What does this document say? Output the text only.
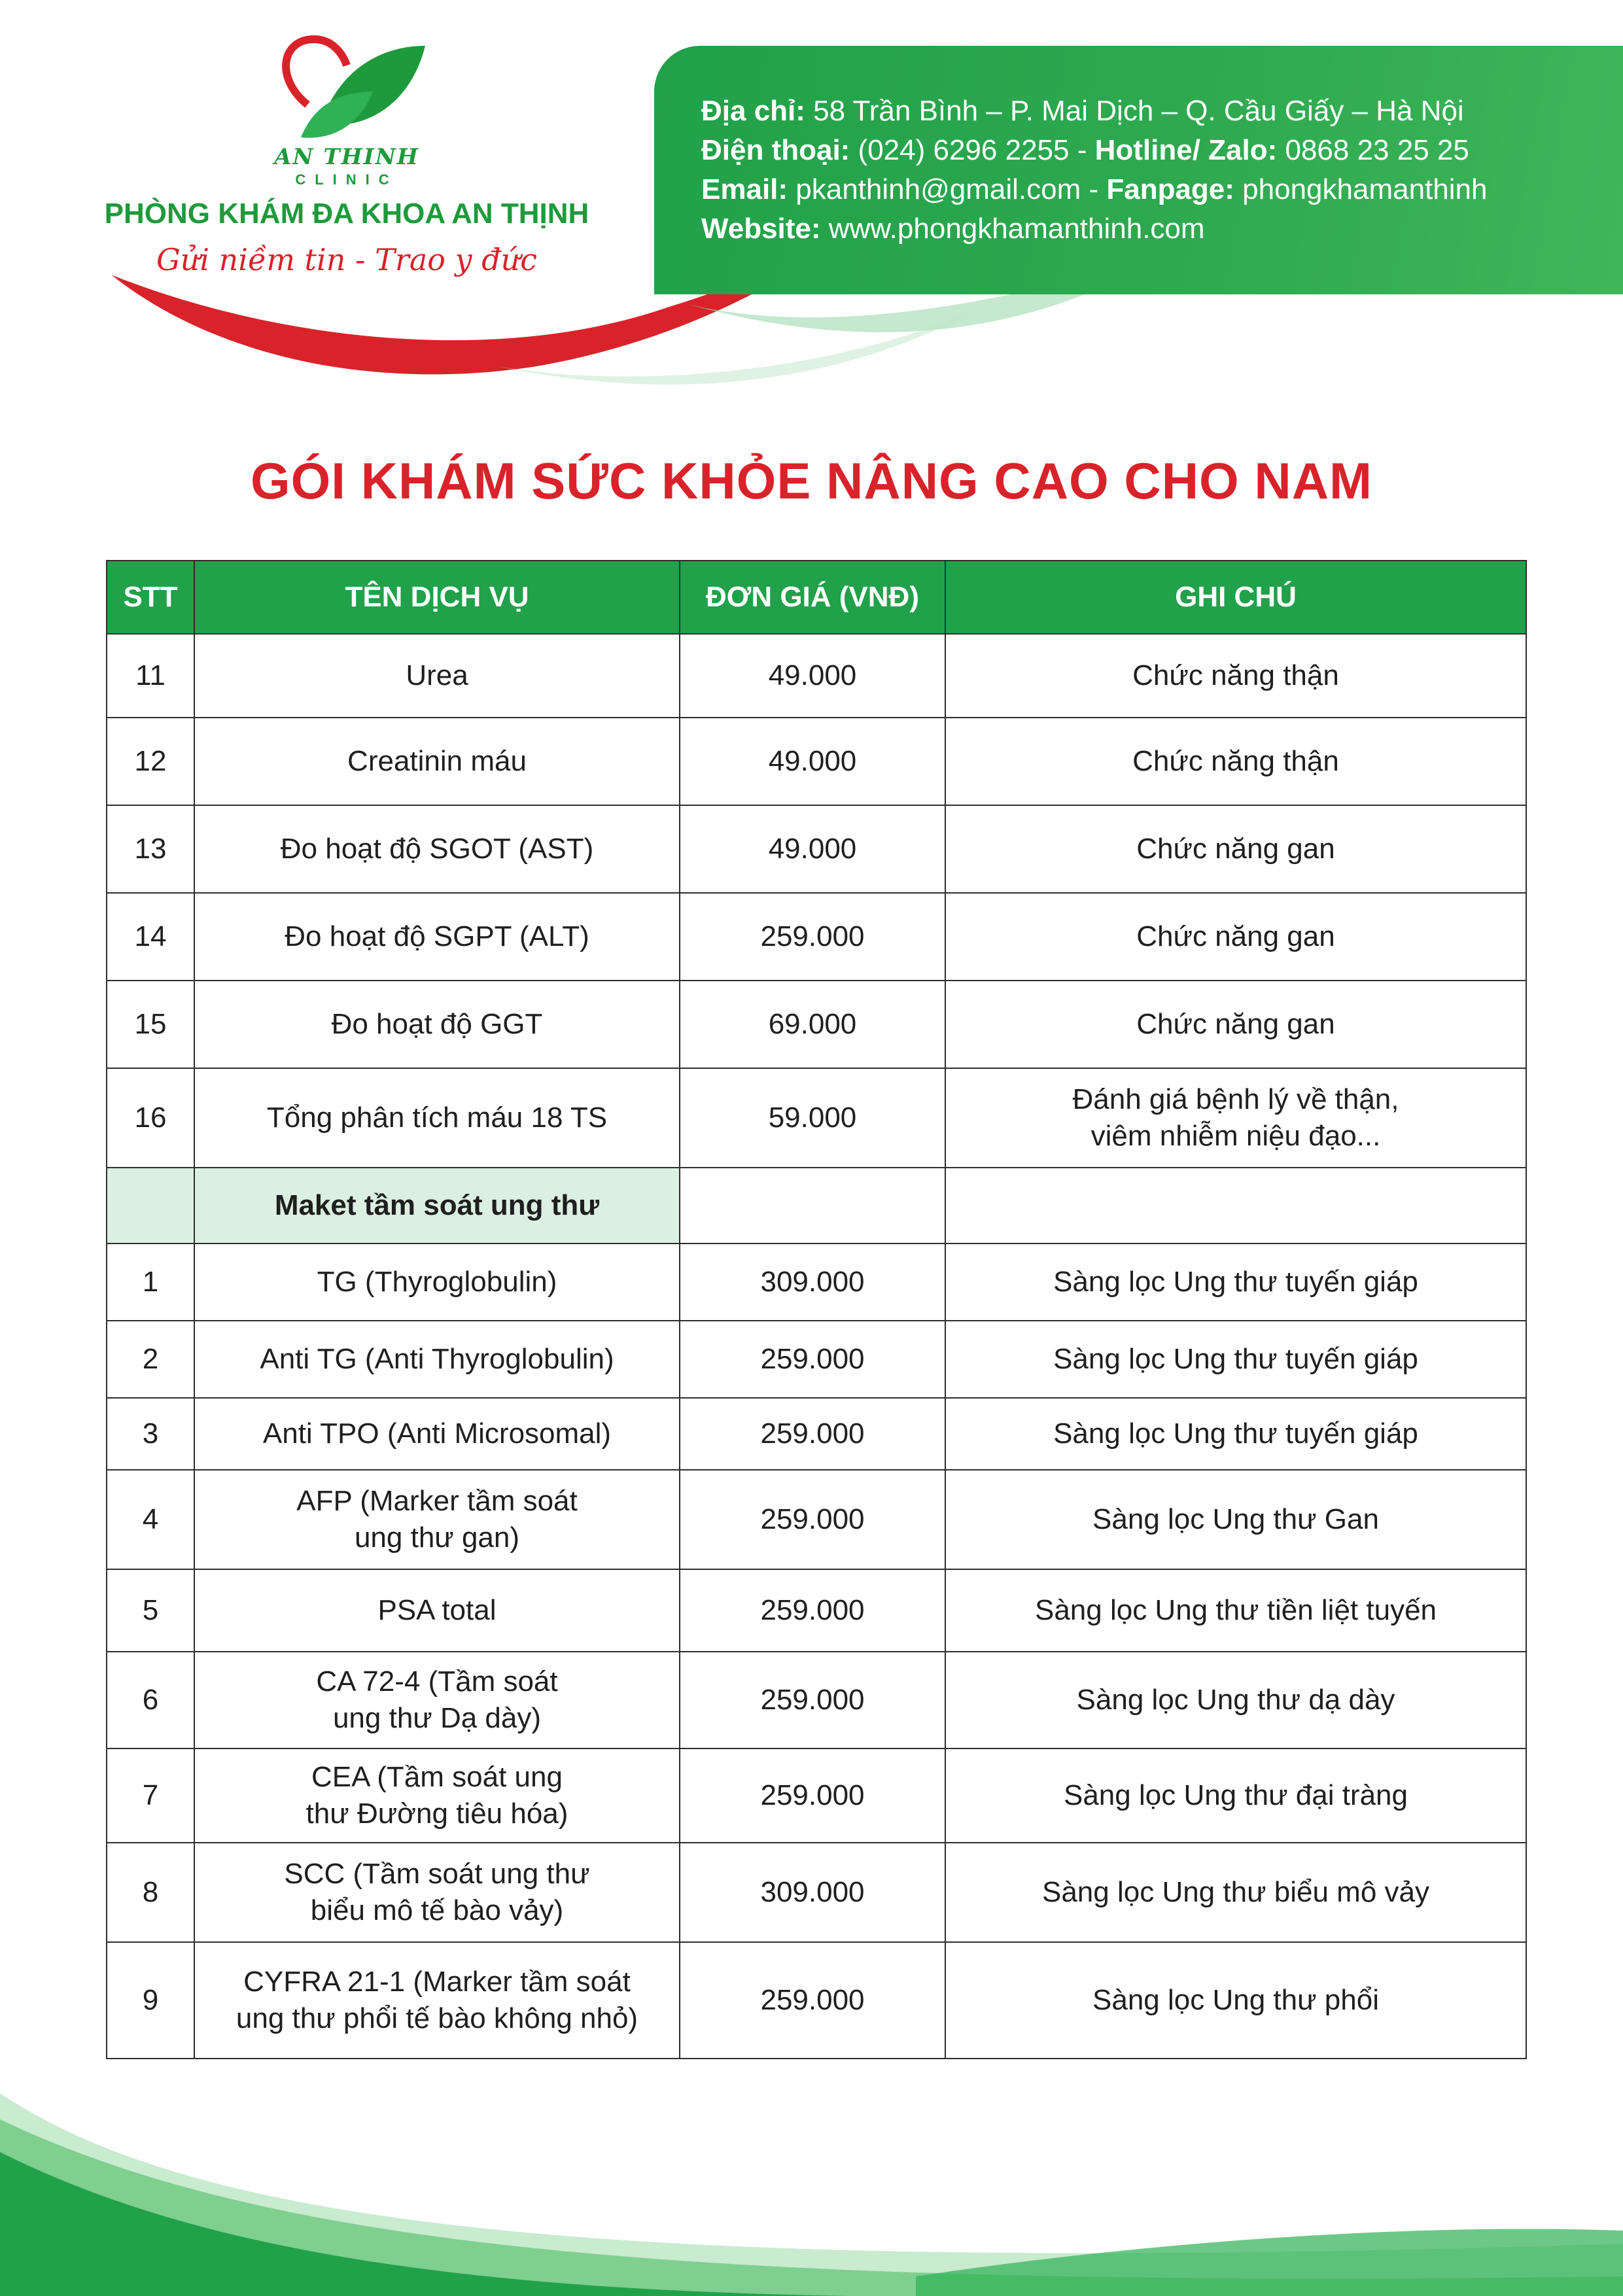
AN THINH
CLINIC
PHÒNG KHÁM ĐA KHOA AN THỊNH
Gửi niềm tin - Trao y đức
Địa chỉ: 58 Trần Bình – P. Mai Dịch – Q. Cầu Giấy – Hà Nội
Điện thoại: (024) 6296 2255 - Hotline/ Zalo: 0868 23 25 25
Email: pkanthinh@gmail.com - Fanpage: phongkhamanthinh
Website: www.phongkhamanthinh.com
GÓI KHÁM SỨC KHỎE NÂNG CAO CHO NAM
STT	TÊN DỊCH VỤ	ĐƠN GIÁ (VNĐ)	GHI CHÚ
11	Urea	49.000	Chức năng thận
12	Creatinin máu	49.000	Chức năng thận
13	Đo hoạt độ SGOT (AST)	49.000	Chức năng gan
14	Đo hoạt độ SGPT (ALT)	259.000	Chức năng gan
15	Đo hoạt độ GGT	69.000	Chức năng gan
16	Tổng phân tích máu 18 TS	59.000	Đánh giá bệnh lý về thận,
viêm nhiễm niệu đạo...

	Maket tầm soát ung thư		
1	TG (Thyroglobulin)	309.000	Sàng lọc Ung thư tuyến giáp
2	Anti TG (Anti Thyroglobulin)	259.000	Sàng lọc Ung thư tuyến giáp
3	Anti TPO (Anti Microsomal)	259.000	Sàng lọc Ung thư tuyến giáp
4	AFP (Marker tầm soát
ung thư gan)	259.000	Sàng lọc Ung thư Gan
5	PSA total	259.000	Sàng lọc Ung thư tiền liệt tuyến
6	CA 72-4 (Tầm soát
ung thư Dạ dày)	259.000	Sàng lọc Ung thư dạ dày
7	CEA (Tầm soát ung
thư Đường tiêu hóa)	259.000	Sàng lọc Ung thư đại tràng
8	SCC (Tầm soát ung thư
biểu mô tế bào vảy)	309.000	Sàng lọc Ung thư biểu mô vảy
9	CYFRA 21-1 (Marker tầm soát
ung thư phổi tế bào không nhỏ)	259.000	Sàng lọc Ung thư phổi
